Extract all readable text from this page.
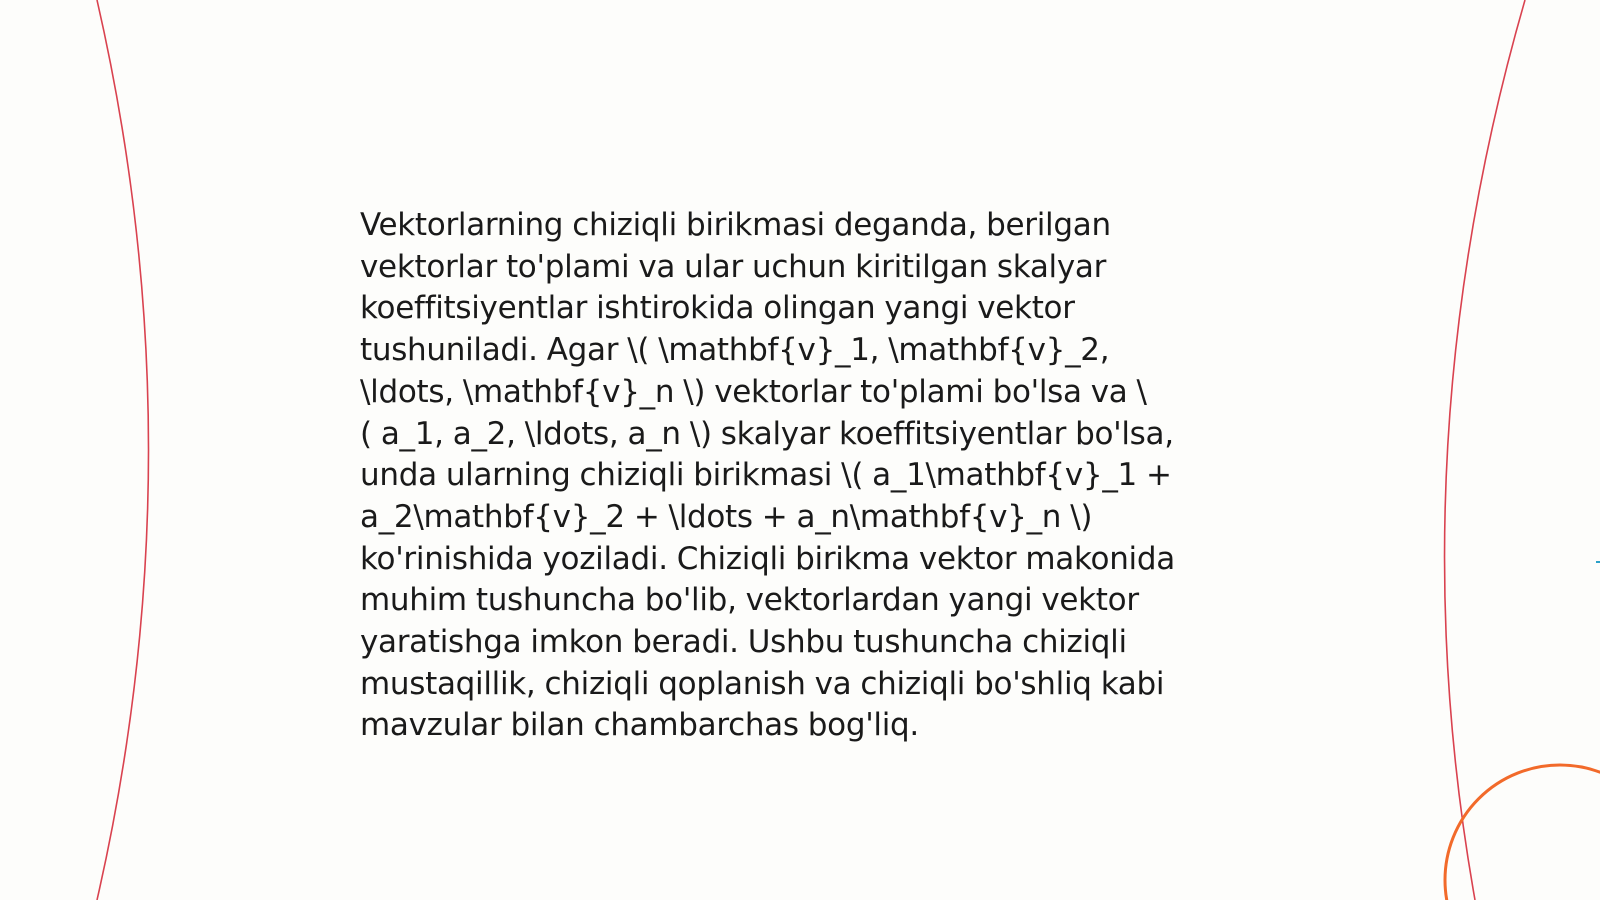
Vektorlarning chiziqli birikmasi deganda, berilgan
vektorlar to'plami va ular uchun kiritilgan skalyar
koeffitsiyentlar ishtirokida olingan yangi vektor
tushuniladi. Agar \( \mathbf{v}_1, \mathbf{v}_2,
\ldots, \mathbf{v}_n \) vektorlar to'plami bo'lsa va \
( a_1, a_2, \ldots, a_n \) skalyar koeffitsiyentlar bo'lsa,
unda ularning chiziqli birikmasi \( a_1\mathbf{v}_1 +
a_2\mathbf{v}_2 + \ldots + a_n\mathbf{v}_n \)
ko'rinishida yoziladi. Chiziqli birikma vektor makonida
muhim tushuncha bo'lib, vektorlardan yangi vektor
yaratishga imkon beradi. Ushbu tushuncha chiziqli
mustaqillik, chiziqli qoplanish va chiziqli bo'shliq kabi
mavzular bilan chambarchas bog'liq.
